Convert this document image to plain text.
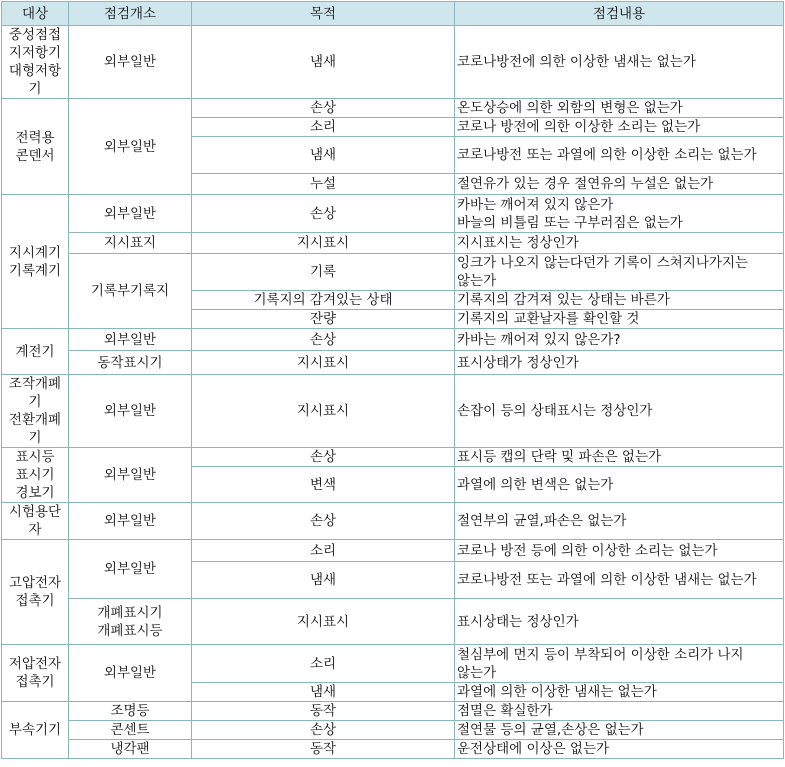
대상	점검개소	목적	점검내용
중성점접
지저항기
대형저항
기	외부일반	냄새	코로나방전에 의한 이상한 냄새는 없는가
전력용
콘덴서	외부일반	손상	온도상승에 의한 외함의 변형은 없는가
		소리	코로나 방전에 의한 이상한 소리는 없는가
		냄새	코로나방전 또는 과열에 의한 이상한 소리는 없는가
		누설	절연유가 있는 경우 절연유의 누설은 없는가
지시계기
기록계기	외부일반	손상	카바는 깨어져 있지 않은가
바늘의 비틀림 또는 구부러짐은 없는가
	지시표지	지시표시	지시표시는 정상인가
	기록부기록지	기록	잉크가 나오지 않는다던가 기록이 스쳐지나가지는 않는가
		기록지의 감겨있는 상태	기록지의 감겨져 있는 상태는 바른가
		잔량	기록지의 교환날자를 확인할 것
계전기	외부일반	손상	카바는 깨어져 있지 않은가?
	동작표시기	지시표시	표시상태가 정상인가
조작개폐
기
전환개폐
기	외부일반	지시표시	손잡이 등의 상태표시는 정상인가
표시등
표시기
경보기	외부일반	손상	표시등 캡의 단락 및 파손은 없는가
		변색	과열에 의한 변색은 없는가
시험용단
자	외부일반	손상	절연부의 균열,파손은 없는가
고압전자
접촉기	외부일반	소리	코로나 방전 등에 의한 이상한 소리는 없는가
		냄새	코로나방전 또는 과열에 의한 이상한 냄새는 없는가
	개폐표시기
개폐표시등	지시표시	표시상태는 정상인가
저압전자
접촉기	외부일반	소리	철심부에 먼지 등이 부착되어 이상한 소리가 나지 않는가
		냄새	과열에 의한 이상한 냄새는 없는가
부속기기	조명등	동작	점멸은 확실한가
	콘센트	손상	절연물 등의 균열,손상은 없는가
	냉각팬	동작	운전상태에 이상은 없는가
